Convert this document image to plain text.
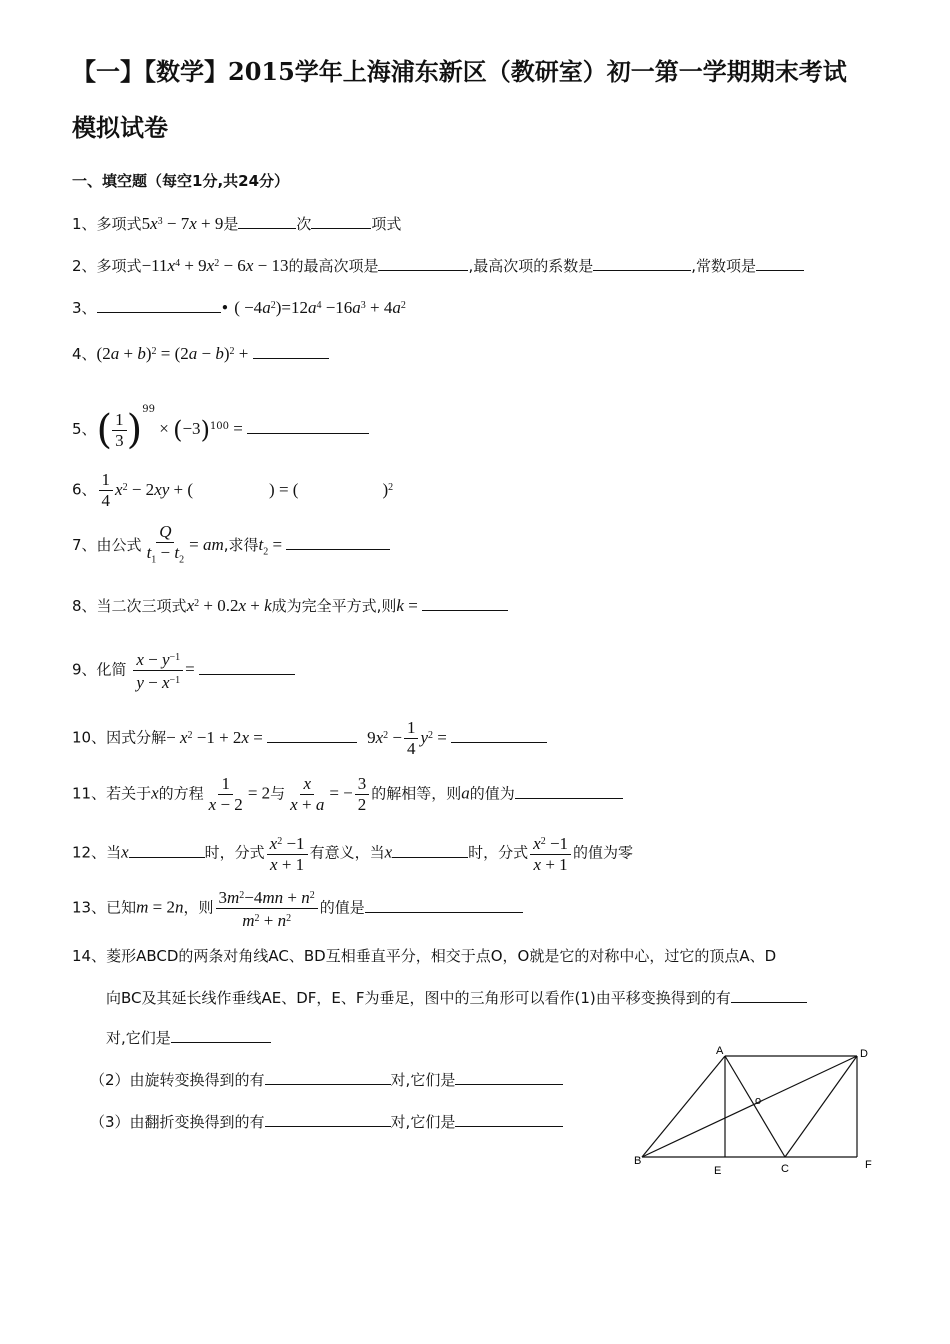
【一】【数学】2015学年上海浦东新区（教研室）初一第一学期期末考试
模拟试卷
一、填空题（每空1分,共24分）
1、多项式$5x^3 - 7x + 9$是	次	项式
2、多项式$-11x^4 + 9x^2 - 6x - 13$的最高次项是	,最高次项的系数是	,常数项是
3、	• ( $-4a^2)=12a^4 -16a^3 + 4a^2$
4、$(2a + b)^2 = (2a - b)^2$ +
5、( $\frac{1}{3} )^{99} \times (-3)^{100}$ =
6、 $\frac{1}{4} x^2 - 2xy$ + (	) = (	)$^2$
7、由公式 $\frac{Q}{t_1 - t_2}$ = am,求得$t_2$ =
8、当二次三项式$x^2 + 0.2x + k$成为完全平方式,则k =
9、化简 $\frac{x - y^{-1}}{y - x^{-1}}$ =
10、因式分解− $x^2 -1 + 2x$ =	$9x^2 - \frac{1}{4} y^2$ =
11、若关于x的方程 $\frac{1}{x - 2} = 2$与 $\frac{x}{x + a}$ = − $\frac{3}{2}$ 的解相等，则a的值为
12、当x	时，分式 $\frac{x^2 -1}{x + 1}$ 有意义，当x	时，分式 $\frac{x^2 -1}{x + 1}$ 的值为零
13、已知m = 2n，则 $\frac{3m^2-4mn + n^2}{m^2 + n^2}$ 的值是
14、菱形ABCD的两条对角线AC、BD互相垂直平分，相交于点O，O就是它的对称中心，过它的顶点A、D
向BC及其延长线作垂线AE、DF，E、F为垂足，图中的三角形可以看作(1)由平移变换得到的有
对,它们是
（2）由旋转变换得到的有	对,它们是
（3）由翻折变换得到的有	对,它们是
A	D
o
B
E	C	F
